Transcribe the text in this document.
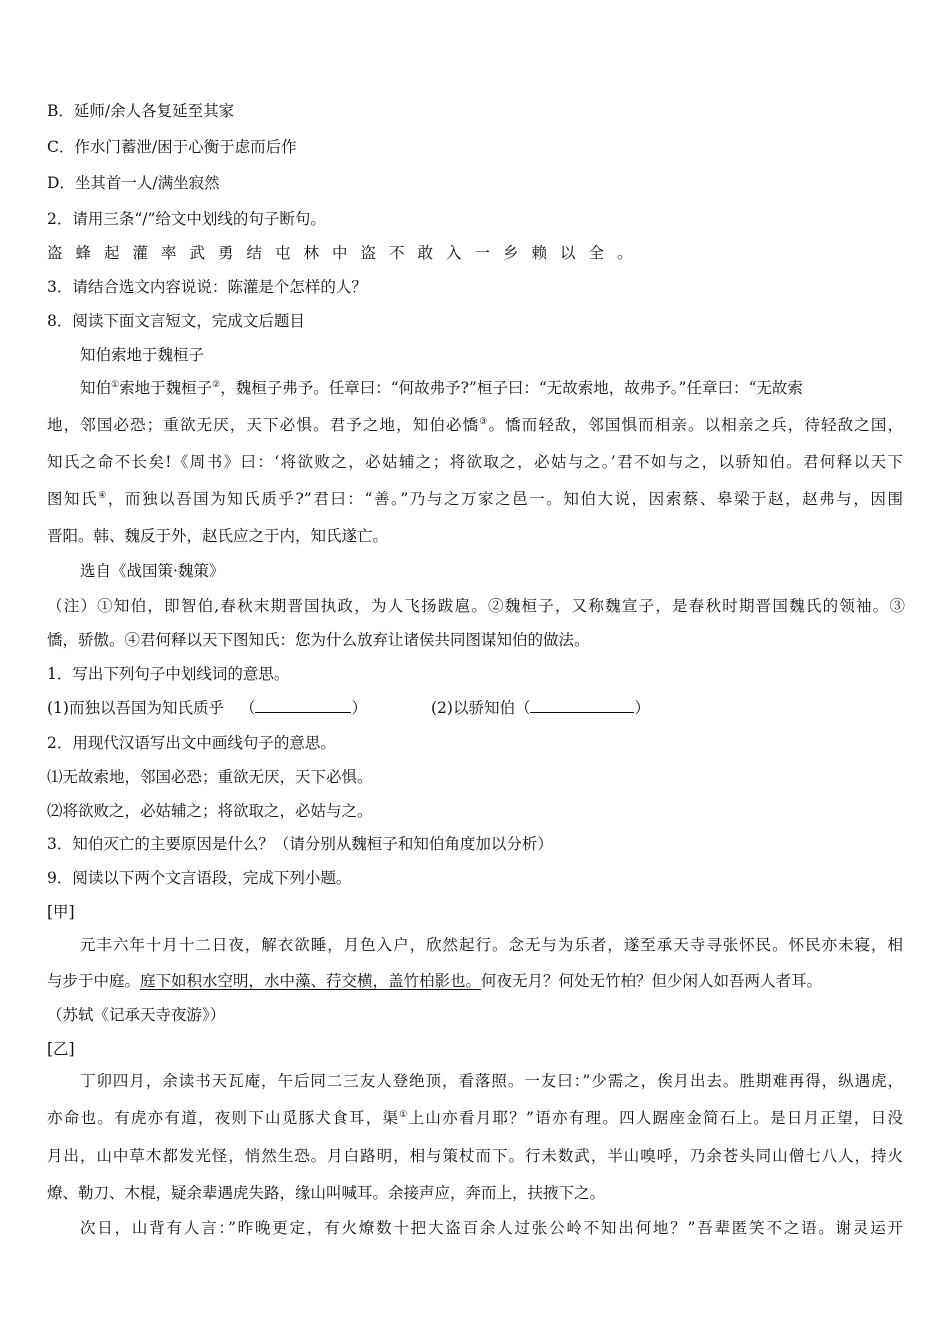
B．延师/余人各复延至其家
C．作水门蓄泄/困于心衡于虑而后作
D．坐其首一人/满坐寂然
2．请用三条“/”给文中划线的句子断句。
盗蜂起灌率武勇结屯林中盗不敢入一乡赖以全。
3．请结合选文内容说说：陈灌是个怎样的人？
8．阅读下面文言短文，完成文后题目
知伯索地于魏桓子
知伯①索地于魏桓子②，魏桓子弗予。任章曰：“何故弗予?”桓子曰：“无故索地，故弗予。”任章曰：“无故索
地，邻国必恐；重欲无厌，天下必惧。君予之地，知伯必憍③。憍而轻敌，邻国惧而相亲。以相亲之兵，待轻敌之国，
知氏之命不长矣!《周书》曰：‘将欲败之，必姑辅之；将欲取之，必姑与之。’君不如与之，以骄知伯。君何释以天下
图知氏④，而独以吾国为知氏质乎?”君曰：“善。”乃与之万家之邑一。知伯大说，因索蔡、皋梁于赵，赵弗与，因围
晋阳。韩、魏反于外，赵氏应之于内，知氏遂亡。
选自《战国策·魏策》
（注）①知伯，即智伯,春秋末期晋国执政，为人飞扬跋扈。②魏桓子，又称魏宣子，是春秋时期晋国魏氏的领袖。③
憍，骄傲。④君何释以天下图知氏：您为什么放弃让诸侯共同图谋知伯的做法。
1．写出下列句子中划线词的意思。
(1)而独以吾国为知氏质乎 （	）	(2)以骄知伯（	）
2．用现代汉语写出文中画线句子的意思。
⑴无故索地，邻国必恐；重欲无厌，天下必惧。
⑵将欲败之，必姑辅之；将欲取之，必姑与之。
3．知伯灭亡的主要原因是什么？（请分别从魏桓子和知伯角度加以分析）
9．阅读以下两个文言语段，完成下列小题。
[甲]
元丰六年十月十二日夜，解衣欲睡，月色入户，欣然起行。念无与为乐者，遂至承天寺寻张怀民。怀民亦未寝，相
与步于中庭。庭下如积水空明，水中藻、荇交横，盖竹柏影也。何夜无月？何处无竹柏？但少闲人如吾两人者耳。
（苏轼《记承天寺夜游》）
[乙]
丁卯四月，余读书天瓦庵，午后同二三友人登绝顶，看落照。一友曰：”少需之，俟月出去。胜期难再得，纵遇虎，
亦命也。有虎亦有道，夜则下山觅豚犬食耳，渠①上山亦看月耶？”语亦有理。四人踞座金简石上。是日月正望，日没
月出，山中草木都发光怪，悄然生恐。月白路明，相与策杖而下。行未数武，半山嗅呼，乃余苍头同山僧七八人，持火
燎、勒刀、木棍，疑余辈遇虎失路，缘山叫喊耳。余接声应，奔而上，扶掖下之。
次日，山背有人言：”昨晚更定，有火燎数十把大盗百余人过张公岭不知出何地？”吾辈匿笑不之语。谢灵运开
